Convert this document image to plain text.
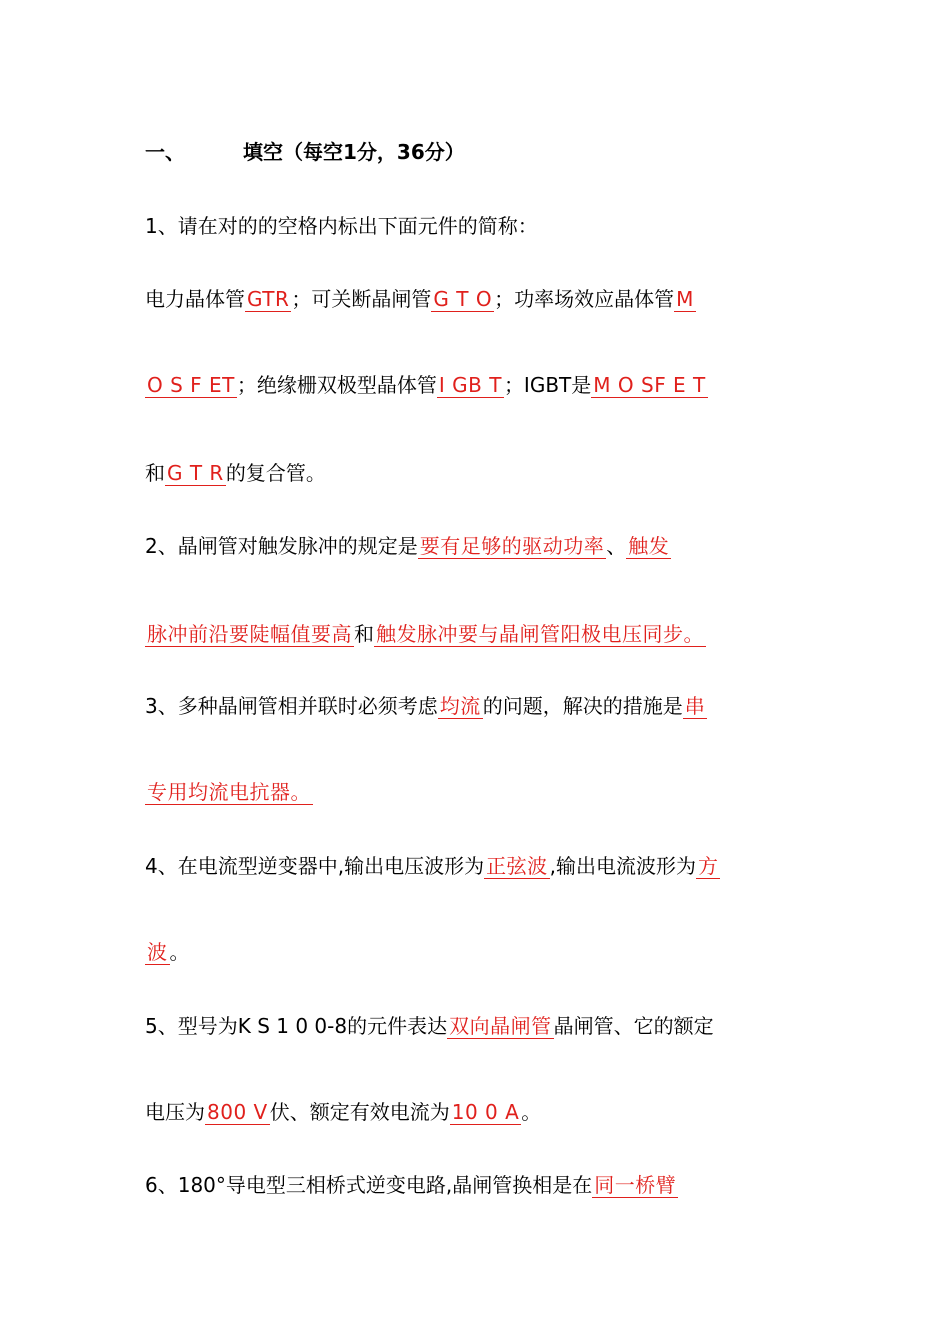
一、	填空（每空1分，36分）
1、请在对的的空格内标出下面元件的简称：
电力晶体管 GTR ；可关断晶闸管 G T O ；功率场效应晶体管 M
O S F ET ；绝缘栅双极型晶体管 I GB T ；IGBT是 M O SF E T
和 G T R 的复合管。
2、晶闸管对触发脉冲的规定是 要有足够的驱动功率 、 触发
脉冲前沿要陡幅值要高 和 触发脉冲要与晶闸管阳极电压同步。
3、多种晶闸管相并联时必须考虑 均流 的问题，解决的措施是 串
专用均流电抗器。
4、在电流型逆变器中,输出电压波形为 正弦波 ,输出电流波形为 方
波 。
5、型号为K S 1 0 0-8的元件表达 双向晶闸管 晶闸管、它的额定
电压为 800 V 伏、额定有效电流为 10 0 A 。
6、180°导电型三相桥式逆变电路,晶闸管换相是在 同一桥臂
